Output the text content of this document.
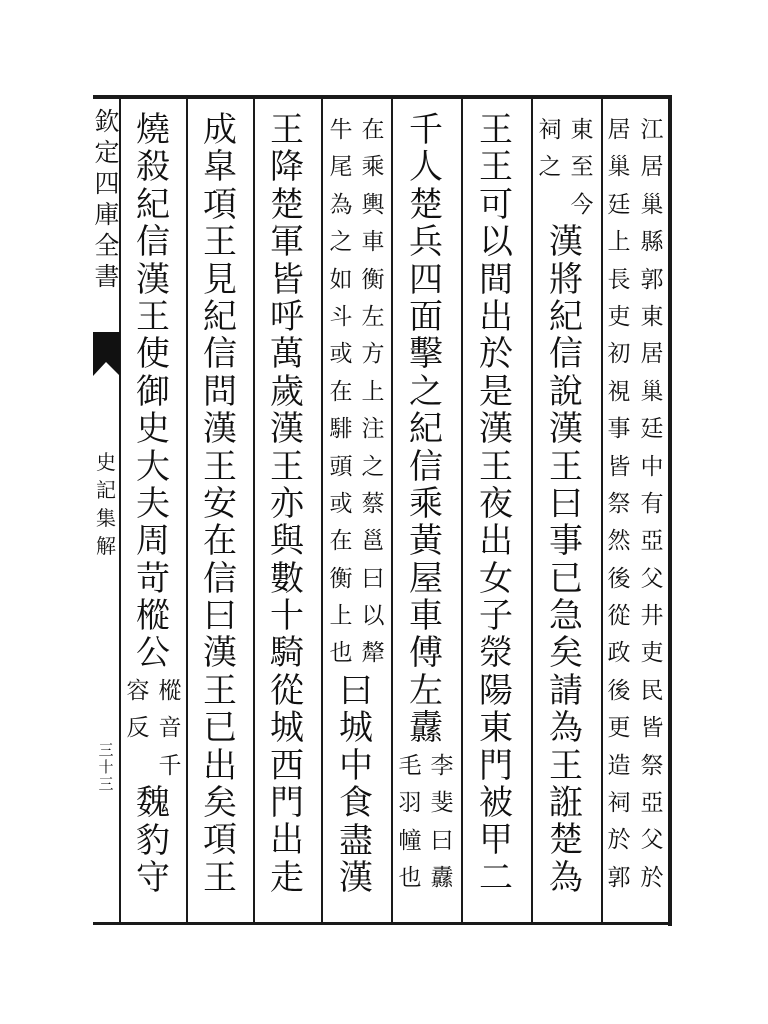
欽
定
四
庫
全
書
史
記
集
解
三
十
三
江
居
巢
縣
郭
東
居
巢
廷
中
有
亞
父
井
吏
民
皆
祭
亞
父
於
居
巢
廷
上
長
吏
初
視
事
皆
祭
然
後
從
政
後
更
造
祠
於
郭
東
至
今
祠
之
漢
將
紀
信
說
漢
王
曰
事
已
急
矣
請
為
王
誑
楚
為
王
王
可
以
間
出
於
是
漢
王
夜
出
女
子
滎
陽
東
門
被
甲
二
千
人
楚
兵
四
面
擊
之
紀
信
乘
黃
屋
車
傅
左
纛
李
斐
曰
纛
毛
羽
幢
也
在
乘
輿
車
衡
左
方
上
注
之
蔡
邕
曰
以
犛
牛
尾
為
之
如
斗
或
在
騑
頭
或
在
衡
上
也
曰
城
中
食
盡
漢
王
降
楚
軍
皆
呼
萬
歲
漢
王
亦
與
數
十
騎
從
城
西
門
出
走
成
皐
項
王
見
紀
信
問
漢
王
安
在
信
曰
漢
王
已
出
矣
項
王
燒
殺
紀
信
漢
王
使
御
史
大
夫
周
苛
樅
公
樅
音
千
容
反
魏
豹
守
